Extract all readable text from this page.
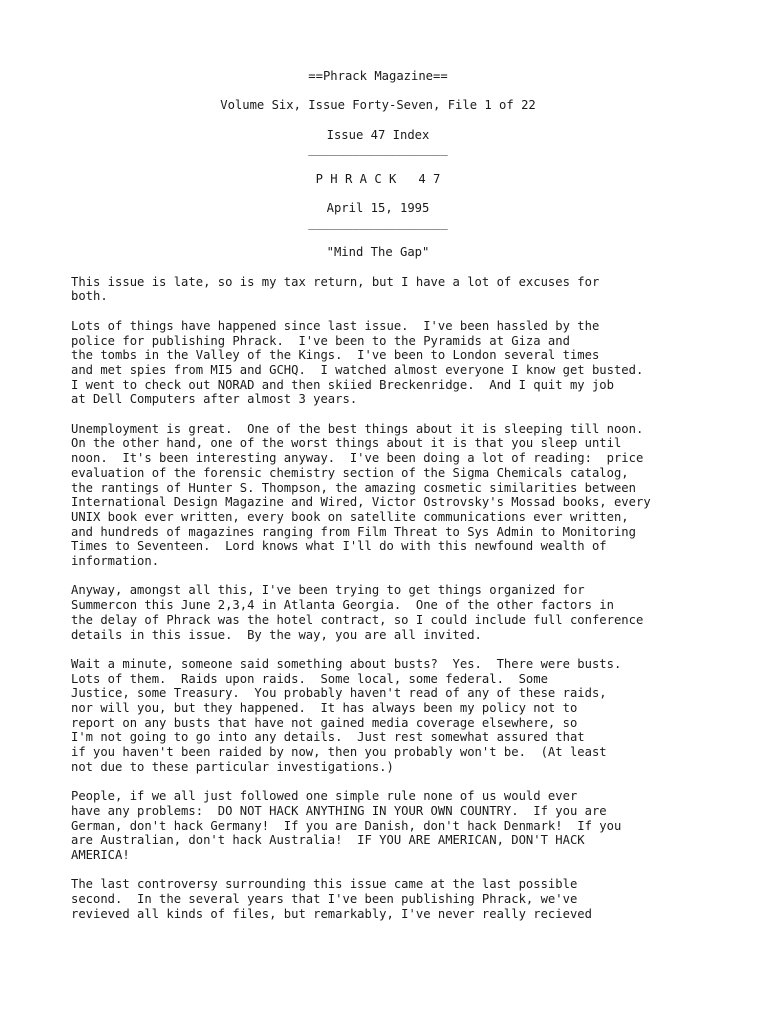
==Phrack Magazine==
Volume Six, Issue Forty-Seven, File 1 of 22
Issue 47 Index
___________________
P H R A C K   4 7
April 15, 1995
___________________
"Mind The Gap"
This issue is late, so is my tax return, but I have a lot of excuses for
both.
Lots of things have happened since last issue.  I've been hassled by the
police for publishing Phrack.  I've been to the Pyramids at Giza and
the tombs in the Valley of the Kings.  I've been to London several times
and met spies from MI5 and GCHQ.  I watched almost everyone I know get busted.
I went to check out NORAD and then skiied Breckenridge.  And I quit my job
at Dell Computers after almost 3 years.
Unemployment is great.  One of the best things about it is sleeping till noon.
On the other hand, one of the worst things about it is that you sleep until
noon.  It's been interesting anyway.  I've been doing a lot of reading:  price
evaluation of the forensic chemistry section of the Sigma Chemicals catalog,
the rantings of Hunter S. Thompson, the amazing cosmetic similarities between
International Design Magazine and Wired, Victor Ostrovsky's Mossad books, every
UNIX book ever written, every book on satellite communications ever written,
and hundreds of magazines ranging from Film Threat to Sys Admin to Monitoring
Times to Seventeen.  Lord knows what I'll do with this newfound wealth of
information.
Anyway, amongst all this, I've been trying to get things organized for
Summercon this June 2,3,4 in Atlanta Georgia.  One of the other factors in
the delay of Phrack was the hotel contract, so I could include full conference
details in this issue.  By the way, you are all invited.
Wait a minute, someone said something about busts?  Yes.  There were busts.
Lots of them.  Raids upon raids.  Some local, some federal.  Some
Justice, some Treasury.  You probably haven't read of any of these raids,
nor will you, but they happened.  It has always been my policy not to
report on any busts that have not gained media coverage elsewhere, so
I'm not going to go into any details.  Just rest somewhat assured that
if you haven't been raided by now, then you probably won't be.  (At least
not due to these particular investigations.)
People, if we all just followed one simple rule none of us would ever
have any problems:  DO NOT HACK ANYTHING IN YOUR OWN COUNTRY.  If you are
German, don't hack Germany!  If you are Danish, don't hack Denmark!  If you
are Australian, don't hack Australia!  IF YOU ARE AMERICAN, DON'T HACK
AMERICA!
The last controversy surrounding this issue came at the last possible
second.  In the several years that I've been publishing Phrack, we've
revieved all kinds of files, but remarkably, I've never really recieved
